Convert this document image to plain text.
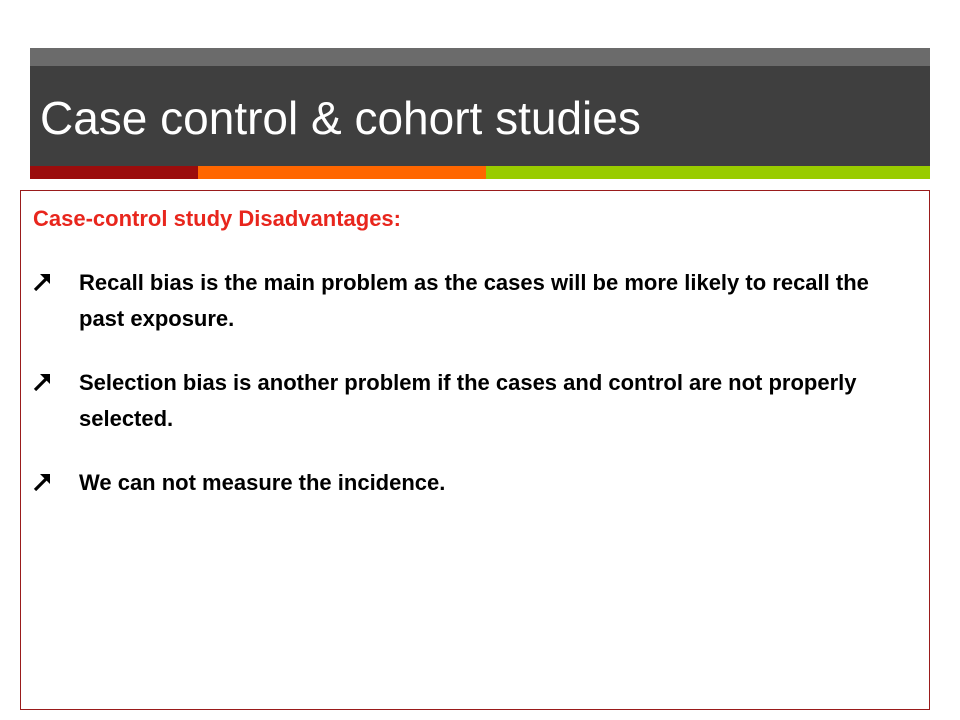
Case control & cohort studies

Case-control study Disadvantages:

Recall bias is the main problem as the cases will be more likely to recall the past exposure.
Selection bias is another problem if the cases and control are not properly selected.
We can not measure the incidence.
